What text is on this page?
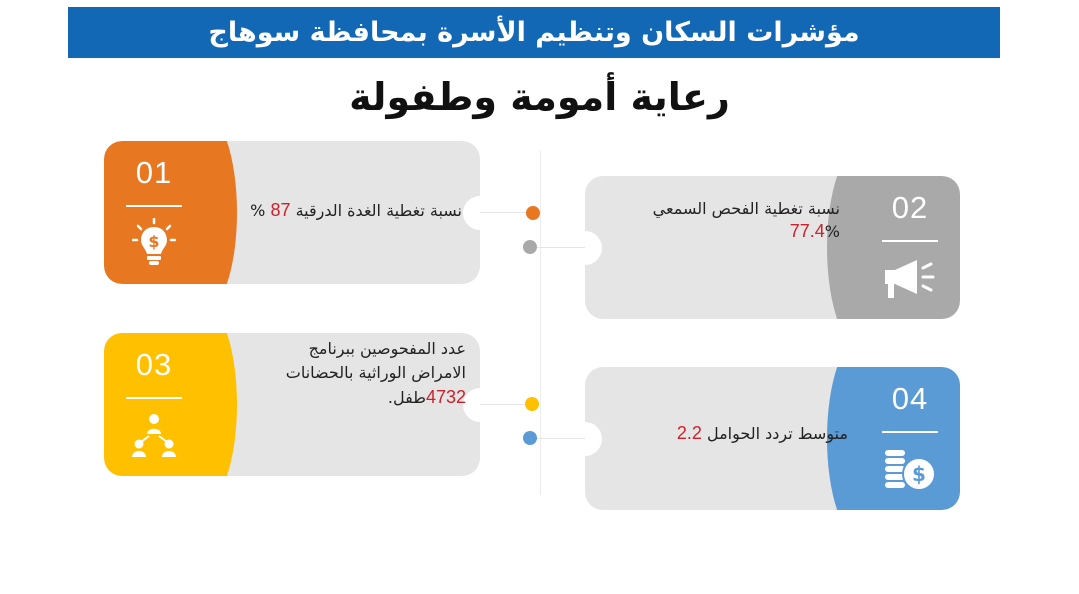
مؤشرات السكان وتنظيم الأسرة بمحافظة سوهاج
رعاية أمومة وطفولة
01
$
نسبة تغطية الغدة الدرقية 87 %	02
نسبة تغطية الفحص السمعي
77.4%
03	عدد المفحوصين ببرنامج
الامراض الوراثية بالحضانات
4732طفل.	04
$
متوسط تردد الحوامل 2.2
